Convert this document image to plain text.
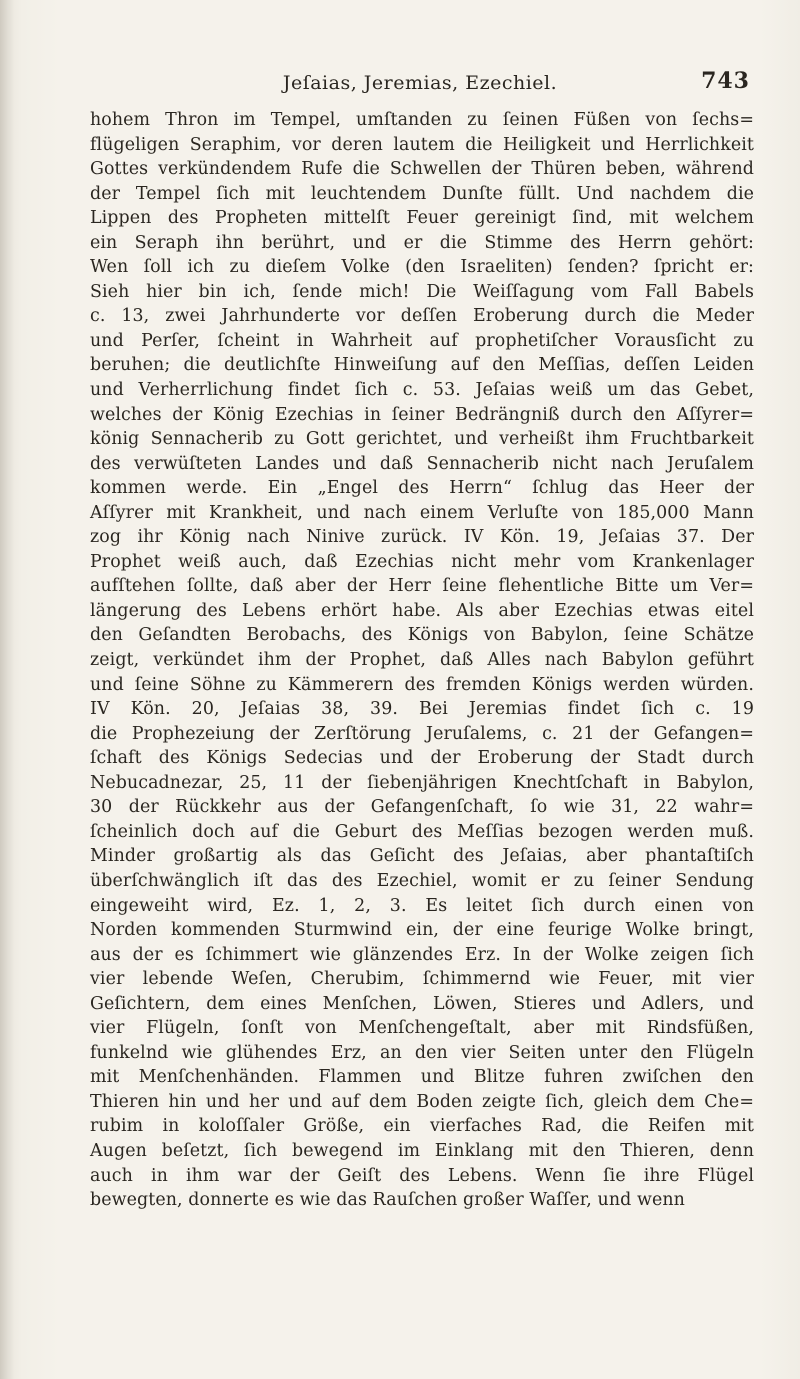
Jeſaias, Jeremias, Ezechiel.	743
hohem Thron im Tempel, umſtanden zu ſeinen Füßen von ſechs=
flügeligen Seraphim, vor deren lautem die Heiligkeit und Herrlichkeit
Gottes verkündendem Rufe die Schwellen der Thüren beben, während
der Tempel ſich mit leuchtendem Dunſte füllt. Und nachdem die
Lippen des Propheten mittelſt Feuer gereinigt ſind, mit welchem
ein Seraph ihn berührt, und er die Stimme des Herrn gehört:
Wen ſoll ich zu dieſem Volke (den Israeliten) ſenden? ſpricht er:
Sieh hier bin ich, ſende mich! Die Weiſſagung vom Fall Babels
c. 13, zwei Jahrhunderte vor deſſen Eroberung durch die Meder
und Perſer, ſcheint in Wahrheit auf prophetiſcher Vorausſicht zu
beruhen; die deutlichſte Hinweiſung auf den Meſſias, deſſen Leiden
und Verherrlichung findet ſich c. 53. Jeſaias weiß um das Gebet,
welches der König Ezechias in ſeiner Bedrängniß durch den Aſſyrer=
könig Sennacherib zu Gott gerichtet, und verheißt ihm Fruchtbarkeit
des verwüſteten Landes und daß Sennacherib nicht nach Jeruſalem
kommen werde. Ein „Engel des Herrn“ ſchlug das Heer der
Aſſyrer mit Krankheit, und nach einem Verluſte von 185,000 Mann
zog ihr König nach Ninive zurück. IV Kön. 19, Jeſaias 37. Der
Prophet weiß auch, daß Ezechias nicht mehr vom Krankenlager
aufſtehen ſollte, daß aber der Herr ſeine flehentliche Bitte um Ver=
längerung des Lebens erhört habe. Als aber Ezechias etwas eitel
den Geſandten Berobachs, des Königs von Babylon, ſeine Schätze
zeigt, verkündet ihm der Prophet, daß Alles nach Babylon geführt
und ſeine Söhne zu Kämmerern des fremden Königs werden würden.
IV Kön. 20, Jeſaias 38, 39. Bei Jeremias findet ſich c. 19
die Prophezeiung der Zerſtörung Jeruſalems, c. 21 der Gefangen=
ſchaft des Königs Sedecias und der Eroberung der Stadt durch
Nebucadnezar, 25, 11 der ſiebenjährigen Knechtſchaft in Babylon,
30 der Rückkehr aus der Gefangenſchaft, ſo wie 31, 22 wahr=
ſcheinlich doch auf die Geburt des Meſſias bezogen werden muß.
Minder großartig als das Geſicht des Jeſaias, aber phantaſtiſch
überſchwänglich iſt das des Ezechiel, womit er zu ſeiner Sendung
eingeweiht wird, Ez. 1, 2, 3. Es leitet ſich durch einen von
Norden kommenden Sturmwind ein, der eine feurige Wolke bringt,
aus der es ſchimmert wie glänzendes Erz. In der Wolke zeigen ſich
vier lebende Weſen, Cherubim, ſchimmernd wie Feuer, mit vier
Geſichtern, dem eines Menſchen, Löwen, Stieres und Adlers, und
vier Flügeln, ſonſt von Menſchengeſtalt, aber mit Rindsfüßen,
funkelnd wie glühendes Erz, an den vier Seiten unter den Flügeln
mit Menſchenhänden. Flammen und Blitze fuhren zwiſchen den
Thieren hin und her und auf dem Boden zeigte ſich, gleich dem Che=
rubim in koloſſaler Größe, ein vierfaches Rad, die Reifen mit
Augen beſetzt, ſich bewegend im Einklang mit den Thieren, denn
auch in ihm war der Geiſt des Lebens. Wenn ſie ihre Flügel
bewegten, donnerte es wie das Rauſchen großer Waſſer, und wenn
